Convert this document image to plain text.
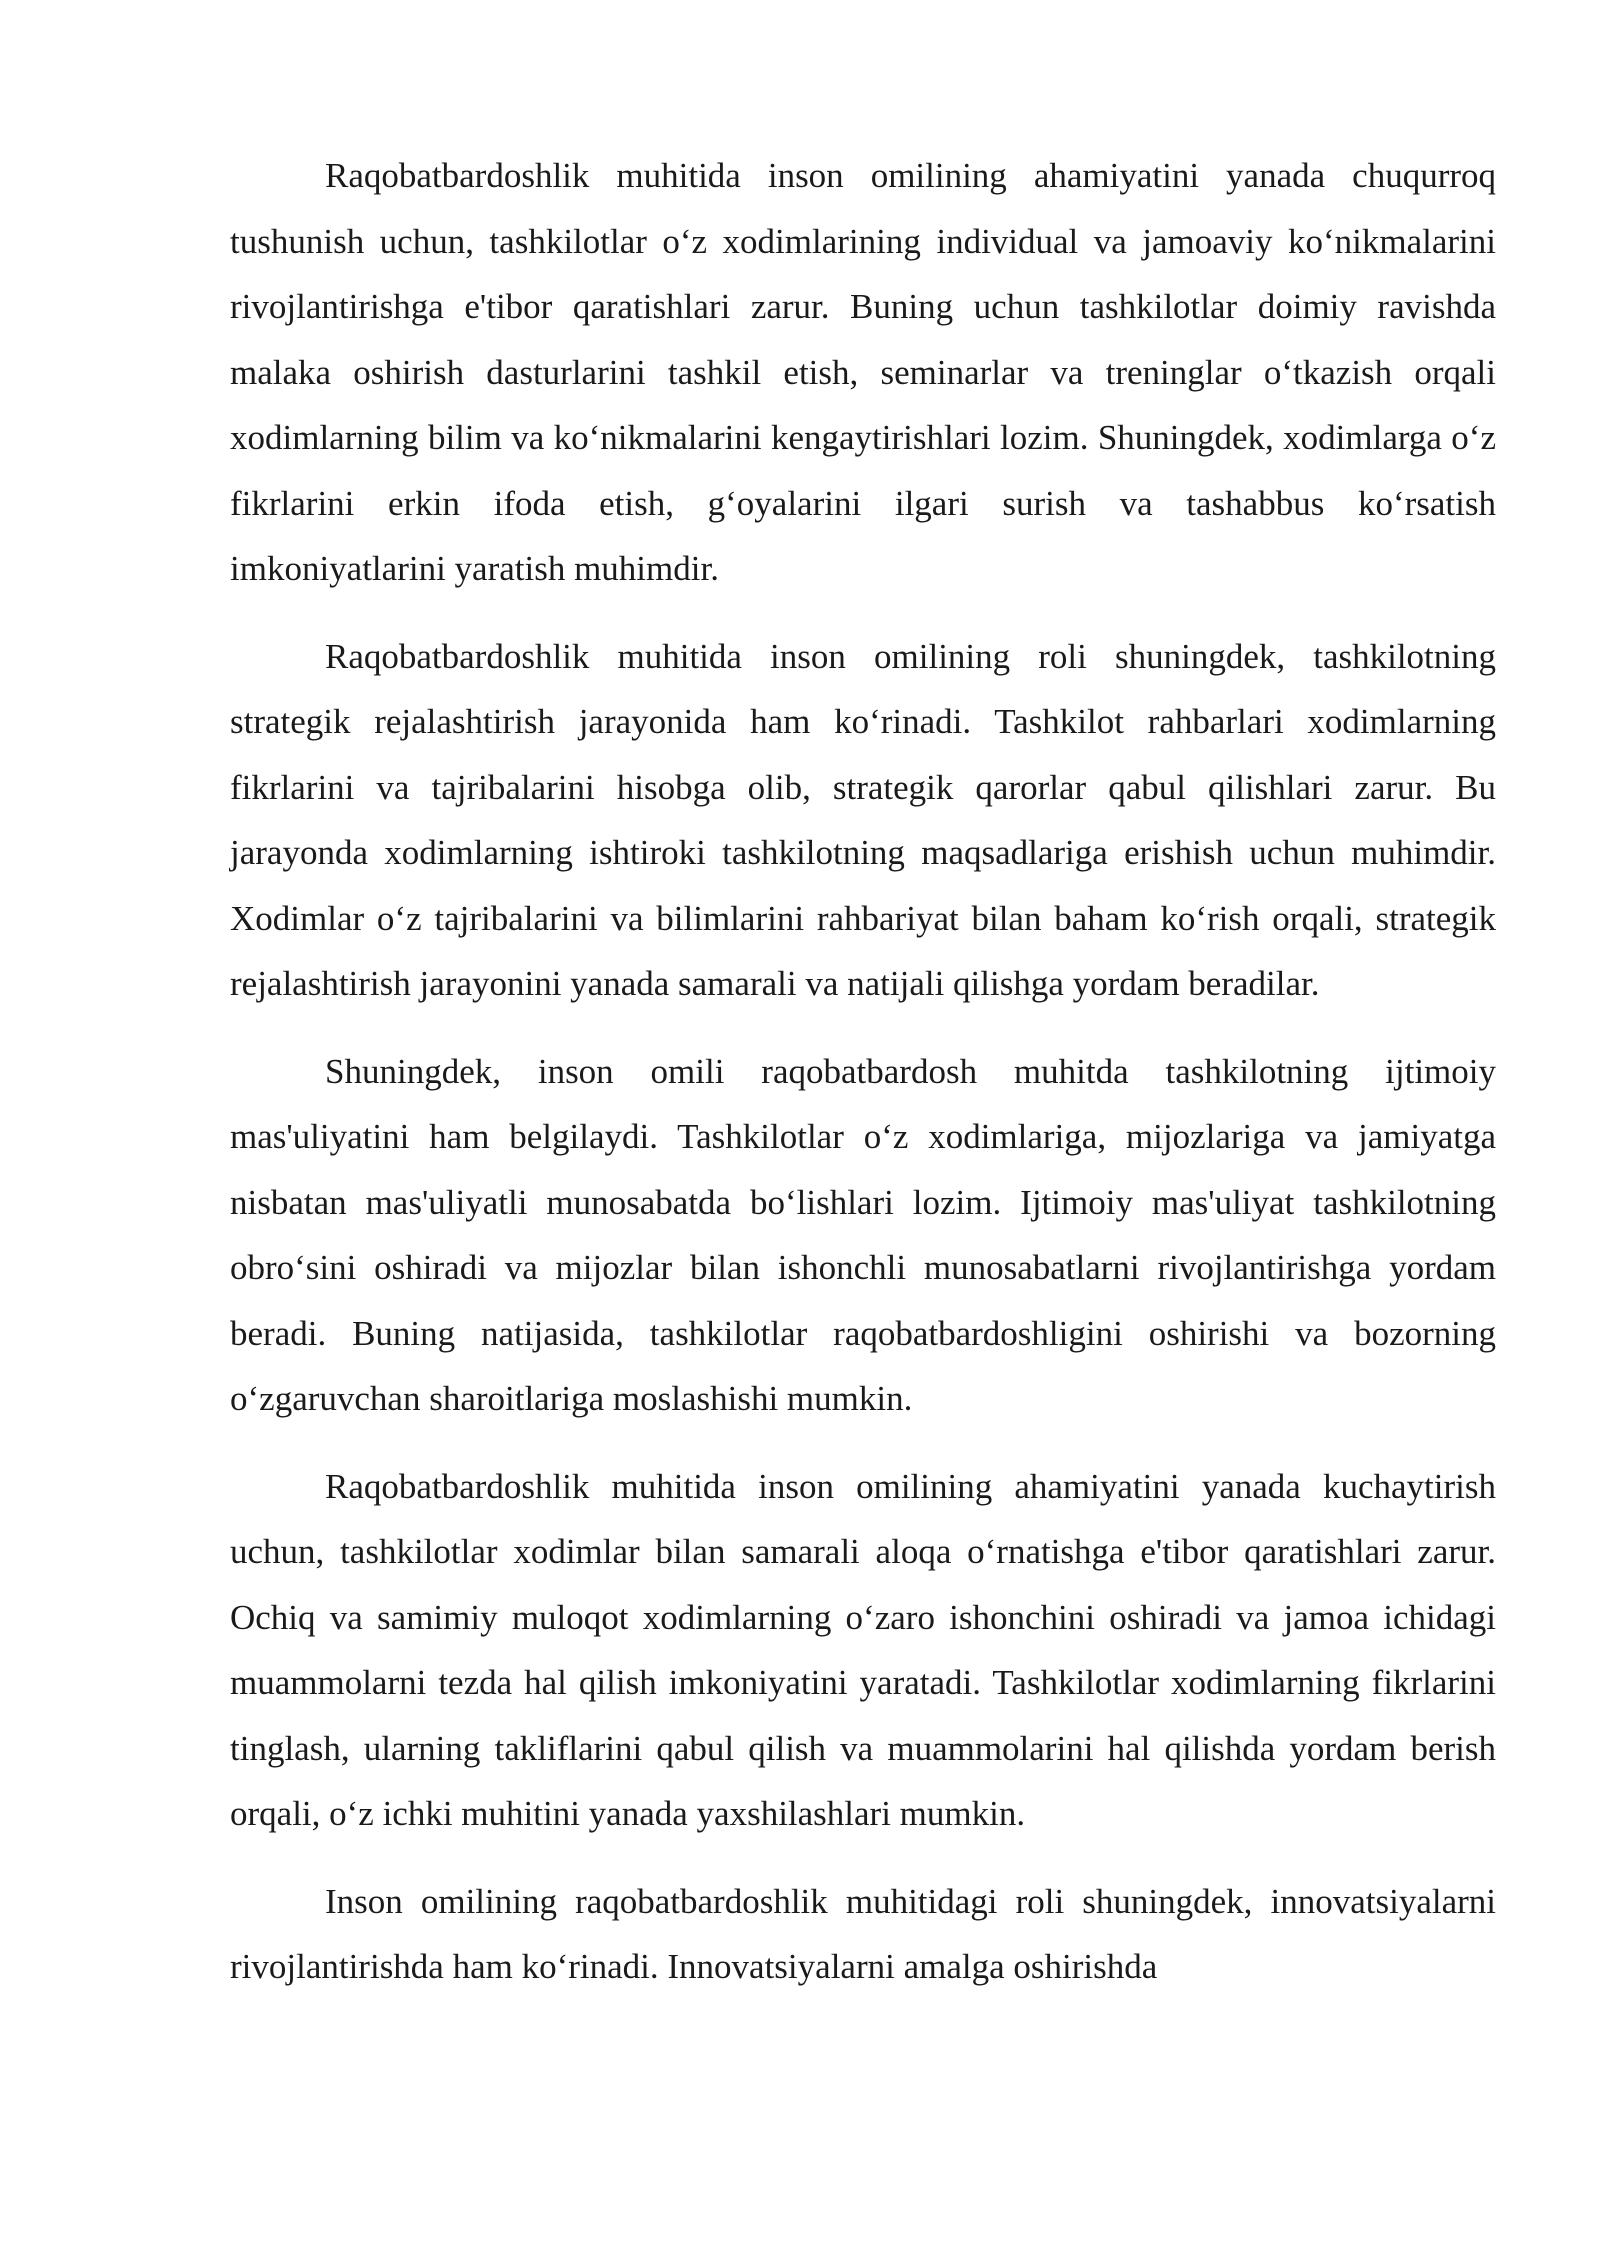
Raqobatbardoshlik muhitida inson omilining ahamiyatini yanada chuqurroq tushunish uchun, tashkilotlar o‘z xodimlarining individual va jamoaviy ko‘nikmalarini rivojlantirishga e'tibor qaratishlari zarur. Buning uchun tashkilotlar doimiy ravishda malaka oshirish dasturlarini tashkil etish, seminarlar va treninglar o‘tkazish orqali xodimlarning bilim va ko‘nikmalarini kengaytirishlari lozim. Shuningdek, xodimlarga o‘z fikrlarini erkin ifoda etish, g‘oyalarini ilgari surish va tashabbus ko‘rsatish imkoniyatlarini yaratish muhimdir.

Raqobatbardoshlik muhitida inson omilining roli shuningdek, tashkilotning strategik rejalashtirish jarayonida ham ko‘rinadi. Tashkilot rahbarlari xodimlarning fikrlarini va tajribalarini hisobga olib, strategik qarorlar qabul qilishlari zarur. Bu jarayonda xodimlarning ishtiroki tashkilotning maqsadlariga erishish uchun muhimdir. Xodimlar o‘z tajribalarini va bilimlarini rahbariyat bilan baham ko‘rish orqali, strategik rejalashtirish jarayonini yanada samarali va natijali qilishga yordam beradilar.

Shuningdek, inson omili raqobatbardosh muhitda tashkilotning ijtimoiy mas'uliyatini ham belgilaydi. Tashkilotlar o‘z xodimlariga, mijozlariga va jamiyatga nisbatan mas'uliyatli munosabatda bo‘lishlari lozim. Ijtimoiy mas'uliyat tashkilotning obro‘sini oshiradi va mijozlar bilan ishonchli munosabatlarni rivojlantirishga yordam beradi. Buning natijasida, tashkilotlar raqobatbardoshligini oshirishi va bozorning o‘zgaruvchan sharoitlariga moslashishi mumkin.

Raqobatbardoshlik muhitida inson omilining ahamiyatini yanada kuchaytirish uchun, tashkilotlar xodimlar bilan samarali aloqa o‘rnatishga e'tibor qaratishlari zarur. Ochiq va samimiy muloqot xodimlarning o‘zaro ishonchini oshiradi va jamoa ichidagi muammolarni tezda hal qilish imkoniyatini yaratadi. Tashkilotlar xodimlarning fikrlarini tinglash, ularning takliflarini qabul qilish va muammolarini hal qilishda yordam berish orqali, o‘z ichki muhitini yanada yaxshilashlari mumkin.

Inson omilining raqobatbardoshlik muhitidagi roli shuningdek, innovatsiyalarni rivojlantirishda ham ko‘rinadi. Innovatsiyalarni amalga oshirishda
